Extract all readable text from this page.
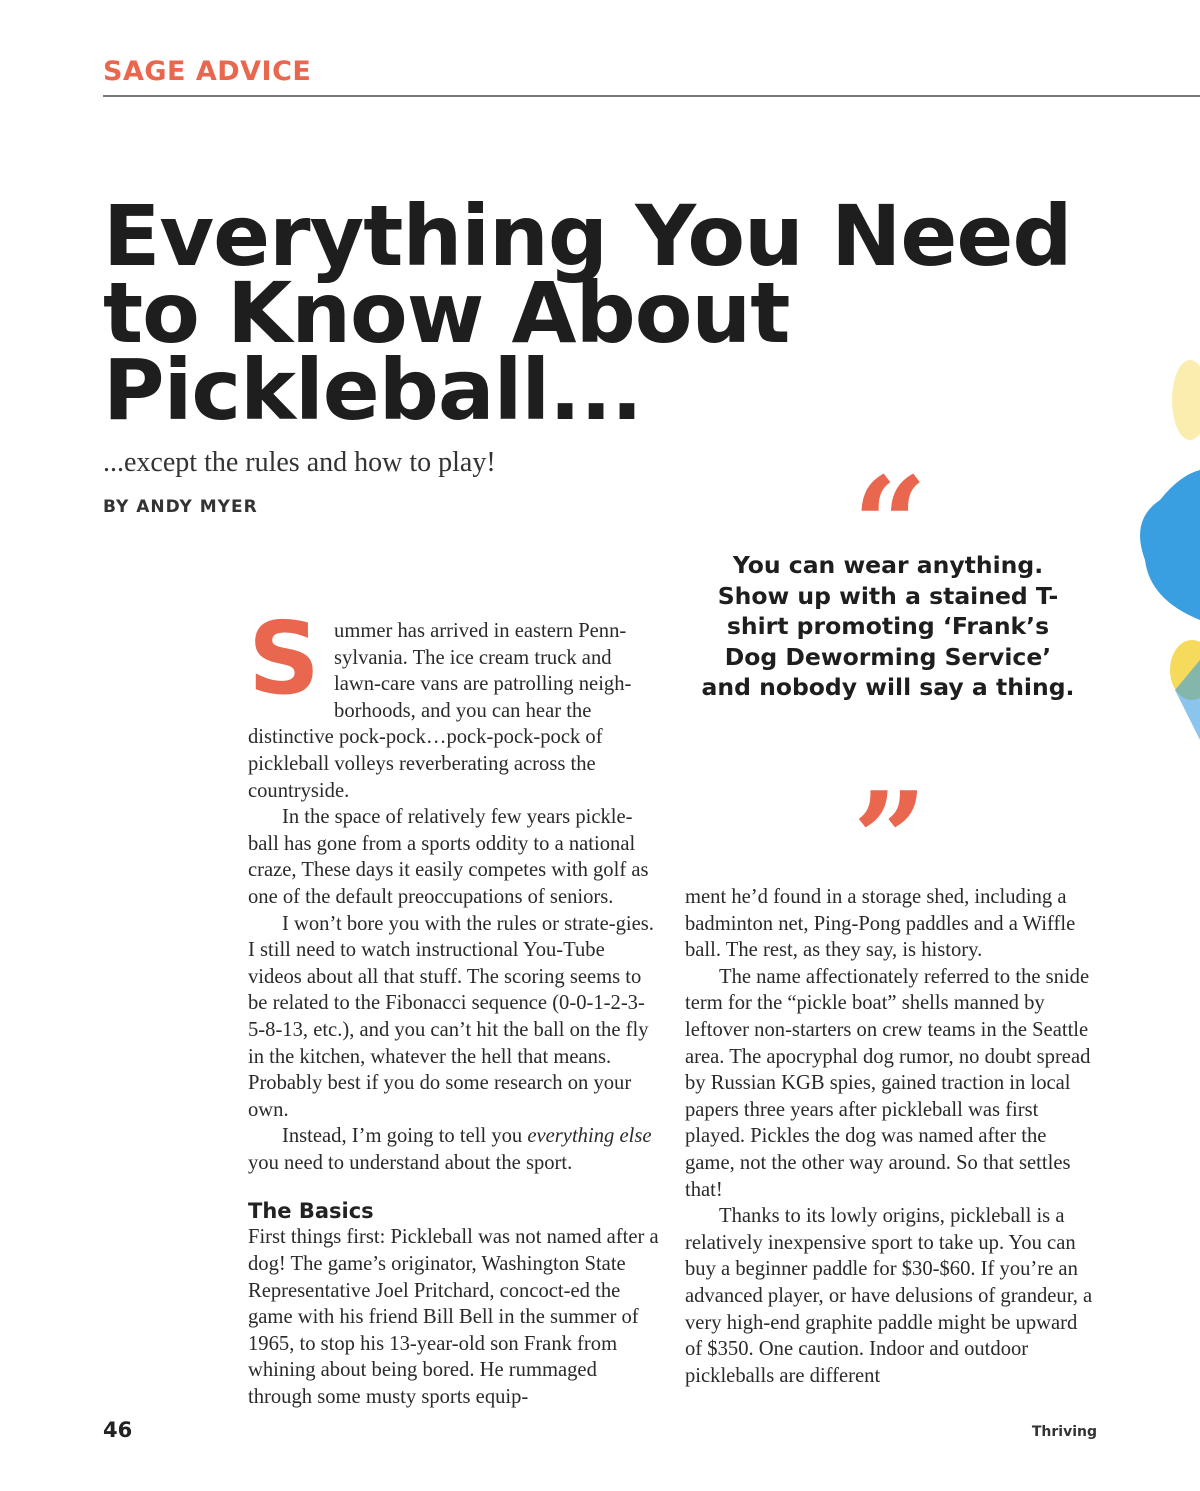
SAGE ADVICE
Everything You Need to Know About Pickleball...

...except the rules and how to play!

BY ANDY MYER

Summer has arrived in eastern Penn-sylvania. The ice cream truck and lawn-care vans are patrolling neigh-borhoods, and you can hear the distinctive pock-pock…pock-pock-pock of pickleball volleys reverberating across the countryside.

In the space of relatively few years pickle-ball has gone from a sports oddity to a national craze, These days it easily competes with golf as one of the default preoccupations of seniors.

I won’t bore you with the rules or strate-gies. I still need to watch instructional You-Tube videos about all that stuff. The scoring seems to be related to the Fibonacci sequence (0-0-1-2-3-5-8-13, etc.), and you can’t hit the ball on the fly in the kitchen, whatever the hell that means. Probably best if you do some research on your own.

Instead, I’m going to tell you everything else you need to understand about the sport.

The Basics

First things first: Pickleball was not named after a dog! The game’s originator, Washington State Representative Joel Pritchard, concoct-ed the game with his friend Bill Bell in the summer of 1965, to stop his 13-year-old son Frank from whining about being bored. He rummaged through some musty sports equip-

“

You can wear anything. Show up with a stained T-shirt promoting ‘Frank’s Dog Deworming Service’ and nobody will say a thing.

”

ment he’d found in a storage shed, including a badminton net, Ping-Pong paddles and a Wiffle ball. The rest, as they say, is history.

The name affectionately referred to the snide term for the “pickle boat” shells manned by leftover non-starters on crew teams in the Seattle area. The apocryphal dog rumor, no doubt spread by Russian KGB spies, gained traction in local papers three years after pickleball was first played. Pickles the dog was named after the game, not the other way around. So that settles that!

Thanks to its lowly origins, pickleball is a relatively inexpensive sport to take up. You can buy a beginner paddle for $30-$60. If you’re an advanced player, or have delusions of grandeur, a very high-end graphite paddle might be upward of $350. One caution. Indoor and outdoor pickleballs are different

46	Thriving
